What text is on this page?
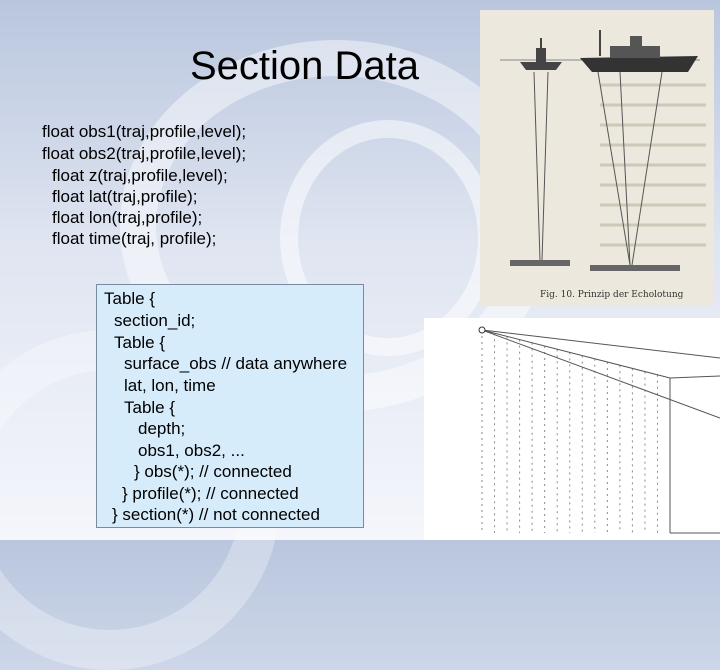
Section Data
float obs1(traj,profile,level);
float obs2(traj,profile,level);
float z(traj,profile,level);
float lat(traj,profile);
float lon(traj,profile);
float time(traj, profile);
Table {
section_id;
Table {
surface_obs // data anywhere
lat, lon, time
Table {
depth;
obs1, obs2, ...
} obs(*); // connected
} profile(*); // connected
} section(*) // not connected
Fig. 10. Prinzip der Echolotung
